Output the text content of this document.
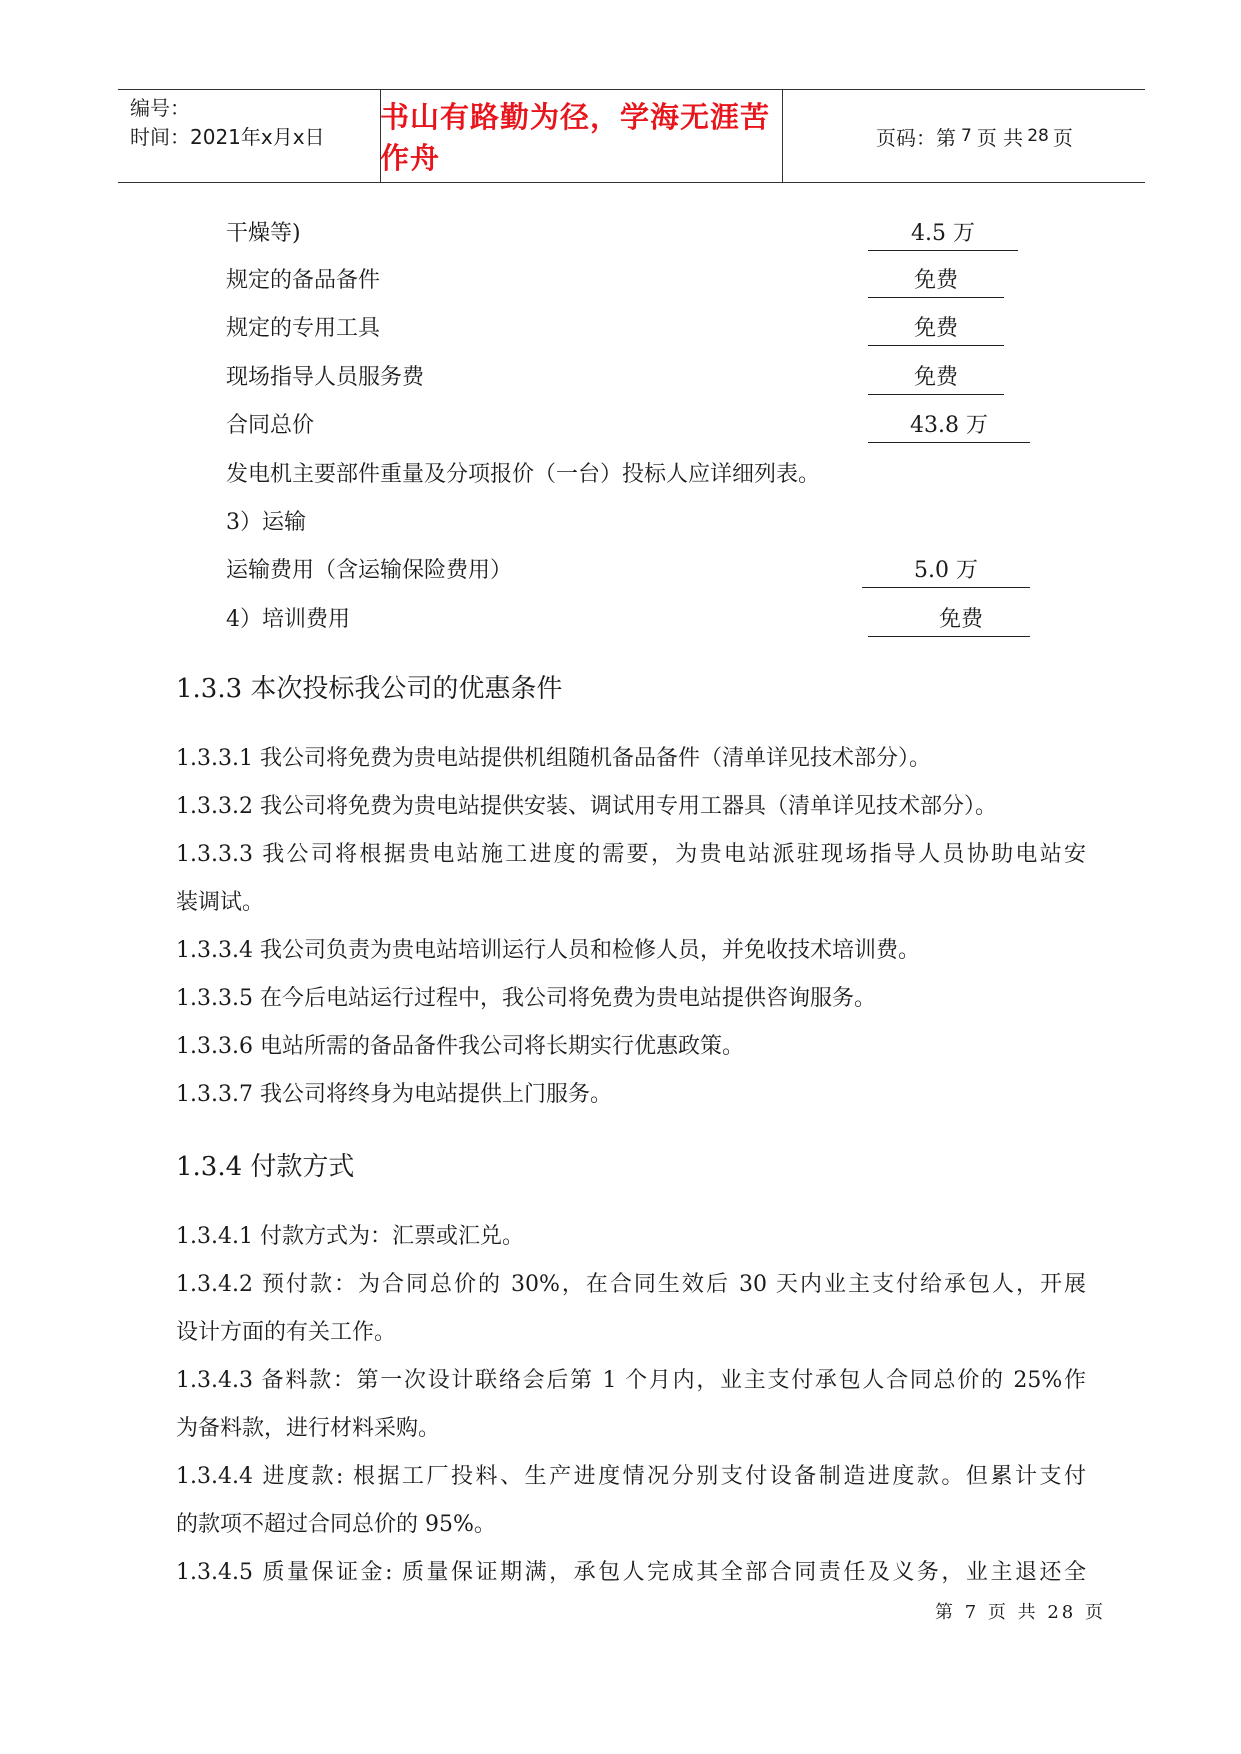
编号：
时间：2021年x月x日
书山有路勤为径，学海无涯苦作舟
页码：第 7 页 共 28 页
干燥等)	4.5 万
规定的备品备件	免费
规定的专用工具	免费
现场指导人员服务费	免费
合同总价	43.8 万
发电机主要部件重量及分项报价（一台）投标人应详细列表。
3）运输
运输费用（含运输保险费用）	5.0 万
4）培训费用	免费
1.3.3 本次投标我公司的优惠条件
1.3.3.1 我公司将免费为贵电站提供机组随机备品备件（清单详见技术部分）。
1.3.3.2 我公司将免费为贵电站提供安装、调试用专用工器具（清单详见技术部分）。
1.3.3.3 我公司将根据贵电站施工进度的需要，为贵电站派驻现场指导人员协助电站安
装调试。
1.3.3.4 我公司负责为贵电站培训运行人员和检修人员，并免收技术培训费。
1.3.3.5 在今后电站运行过程中，我公司将免费为贵电站提供咨询服务。
1.3.3.6 电站所需的备品备件我公司将长期实行优惠政策。
1.3.3.7 我公司将终身为电站提供上门服务。
1.3.4 付款方式
1.3.4.1 付款方式为：汇票或汇兑。
1.3.4.2 预付款：为合同总价的 30%，在合同生效后 30 天内业主支付给承包人，开展
设计方面的有关工作。
1.3.4.3 备料款：第一次设计联络会后第 1 个月内，业主支付承包人合同总价的 25%作
为备料款，进行材料采购。
1.3.4.4 进度款: 根据工厂投料、生产进度情况分别支付设备制造进度款。但累计支付
的款项不超过合同总价的 95%。
1.3.4.5 质量保证金: 质量保证期满，承包人完成其全部合同责任及义务，业主退还全
第 7 页 共 28 页
